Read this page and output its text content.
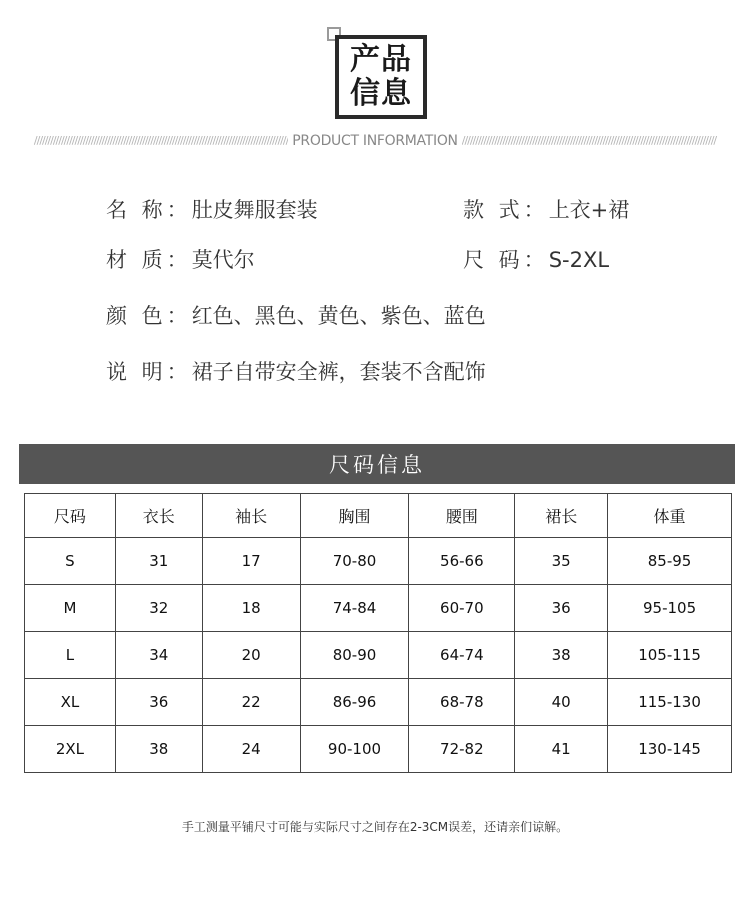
产品
信息
////////////////////////////////////////////////////////////////////////////////////////////// PRODUCT INFORMATION //////////////////////////////////////////////////////////////////////////////////////////////
名 称：肚皮舞服套装	款 式：上衣+裙
材 质：莫代尔	尺 码：S-2XL
颜 色：红色、黑色、黄色、紫色、蓝色
说 明：裙子自带安全裤，套装不含配饰
尺码信息
尺码	衣长	袖长	胸围	腰围	裙长	体重
S	31	17	70-80	56-66	35	85-95
M	32	18	74-84	60-70	36	95-105
L	34	20	80-90	64-74	38	105-115
XL	36	22	86-96	68-78	40	115-130
2XL	38	24	90-100	72-82	41	130-145
手工测量平铺尺寸可能与实际尺寸之间存在2-3CM误差，还请亲们谅解。
